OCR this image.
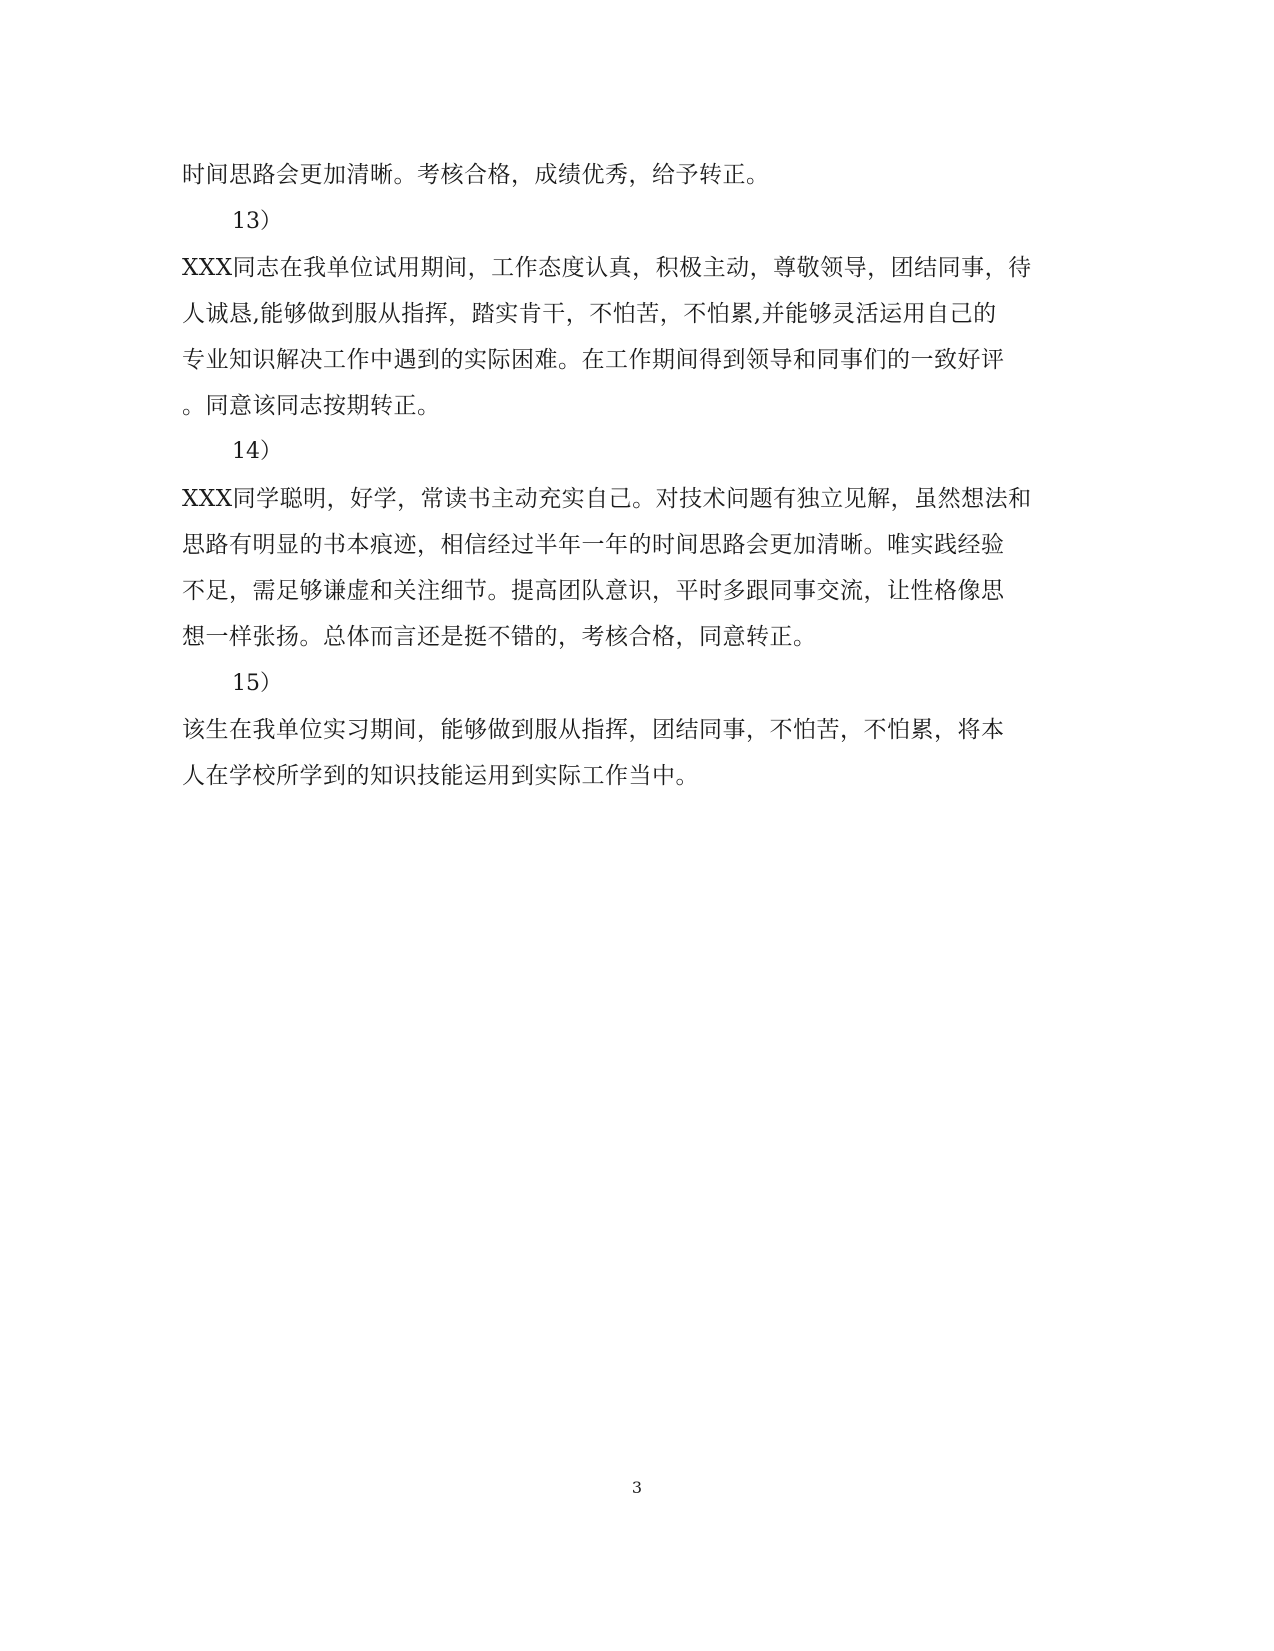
时间思路会更加清晰。考核合格，成绩优秀，给予转正。
13）
XXX同志在我单位试用期间，工作态度认真，积极主动，尊敬领导，团结同事，待
人诚恳,能够做到服从指挥，踏实肯干，不怕苦，不怕累,并能够灵活运用自己的
专业知识解决工作中遇到的实际困难。在工作期间得到领导和同事们的一致好评
。同意该同志按期转正。
14）
XXX同学聪明，好学，常读书主动充实自己。对技术问题有独立见解，虽然想法和
思路有明显的书本痕迹，相信经过半年一年的时间思路会更加清晰。唯实践经验
不足，需足够谦虚和关注细节。提高团队意识，平时多跟同事交流，让性格像思
想一样张扬。总体而言还是挺不错的，考核合格，同意转正。
15）
该生在我单位实习期间，能够做到服从指挥，团结同事，不怕苦，不怕累，将本
人在学校所学到的知识技能运用到实际工作当中。
3
